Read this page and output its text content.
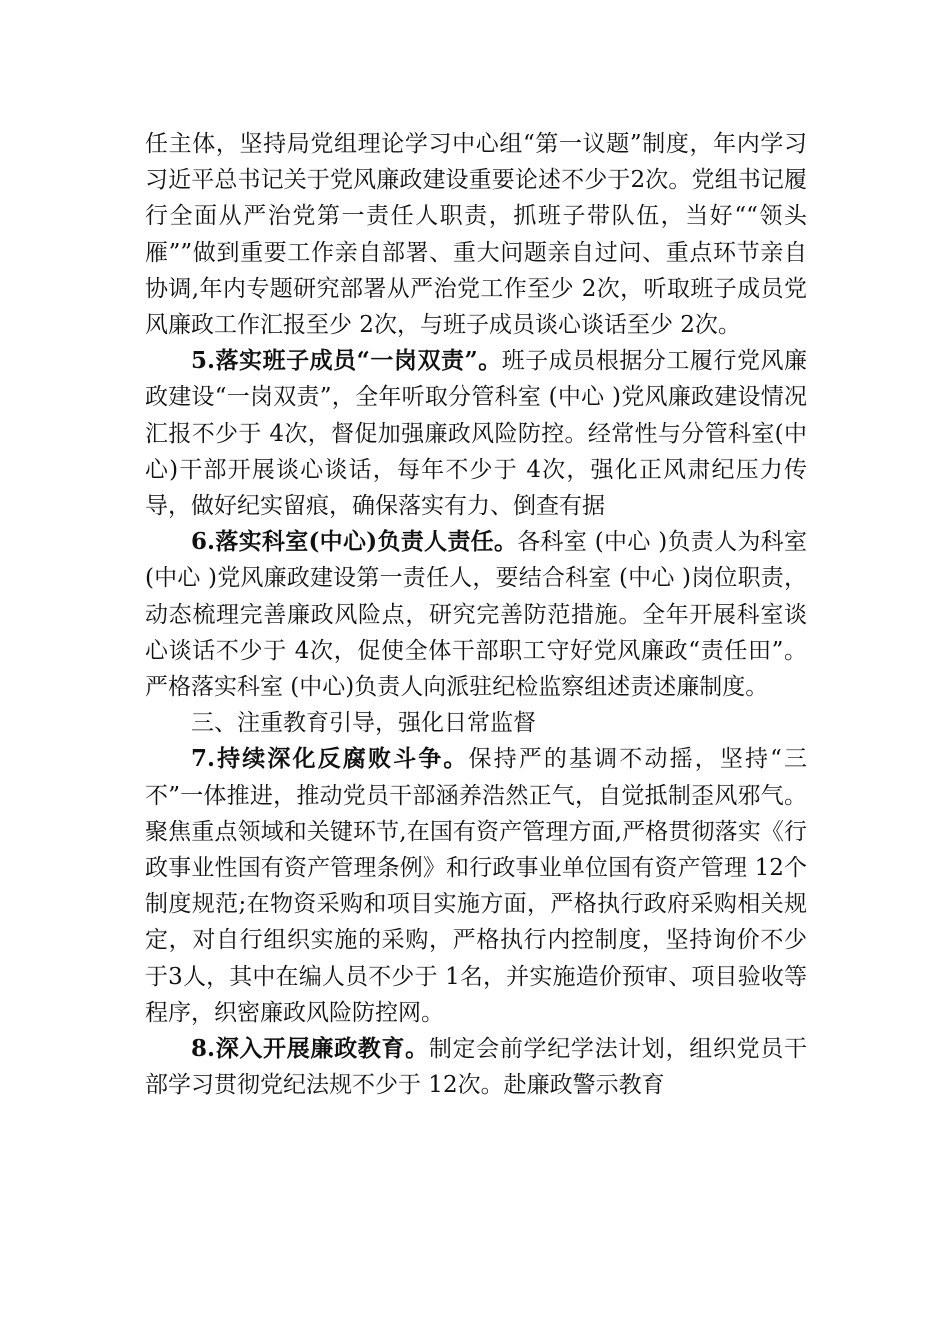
任主体，坚持局党组理论学习中心组“第一议题”制度，年内学习习近平总书记关于党风廉政建设重要论述不少于2次。党组书记履行全面从严治党第一责任人职责，抓班子带队伍，当好““领头雁””做到重要工作亲自部署、重大问题亲自过问、重点环节亲自协调,年内专题研究部署从严治党工作至少 2次，听取班子成员党风廉政工作汇报至少 2次，与班子成员谈心谈话至少 2次。

5.落实班子成员“一岗双责”。班子成员根据分工履行党风廉政建设“一岗双责”，全年听取分管科室 (中心 )党风廉政建设情况汇报不少于 4次，督促加强廉政风险防控。经常性与分管科室(中心)干部开展谈心谈话，每年不少于 4次，强化正风肃纪压力传导，做好纪实留痕，确保落实有力、倒查有据

6.落实科室(中心)负责人责任。各科室 (中心 )负责人为科室 (中心 )党风廉政建设第一责任人，要结合科室 (中心 )岗位职责，动态梳理完善廉政风险点，研究完善防范措施。全年开展科室谈心谈话不少于 4次，促使全体干部职工守好党风廉政“责任田”。 严格落实科室 (中心)负责人向派驻纪检监察组述责述廉制度。

三、注重教育引导，强化日常监督

7.持续深化反腐败斗争。保持严的基调不动摇，坚持“三不”一体推进，推动党员干部涵养浩然正气，自觉抵制歪风邪气。聚焦重点领域和关键环节,在国有资产管理方面,严格贯彻落实《行政事业性国有资产管理条例》和行政事业单位国有资产管理 12个制度规范;在物资采购和项目实施方面，严格执行政府采购相关规定，对自行组织实施的采购，严格执行内控制度，坚持询价不少于3人，其中在编人员不少于 1名，并实施造价预审、项目验收等程序，织密廉政风险防控网。

8.深入开展廉政教育。制定会前学纪学法计划，组织党员干部学习贯彻党纪法规不少于 12次。赴廉政警示教育
